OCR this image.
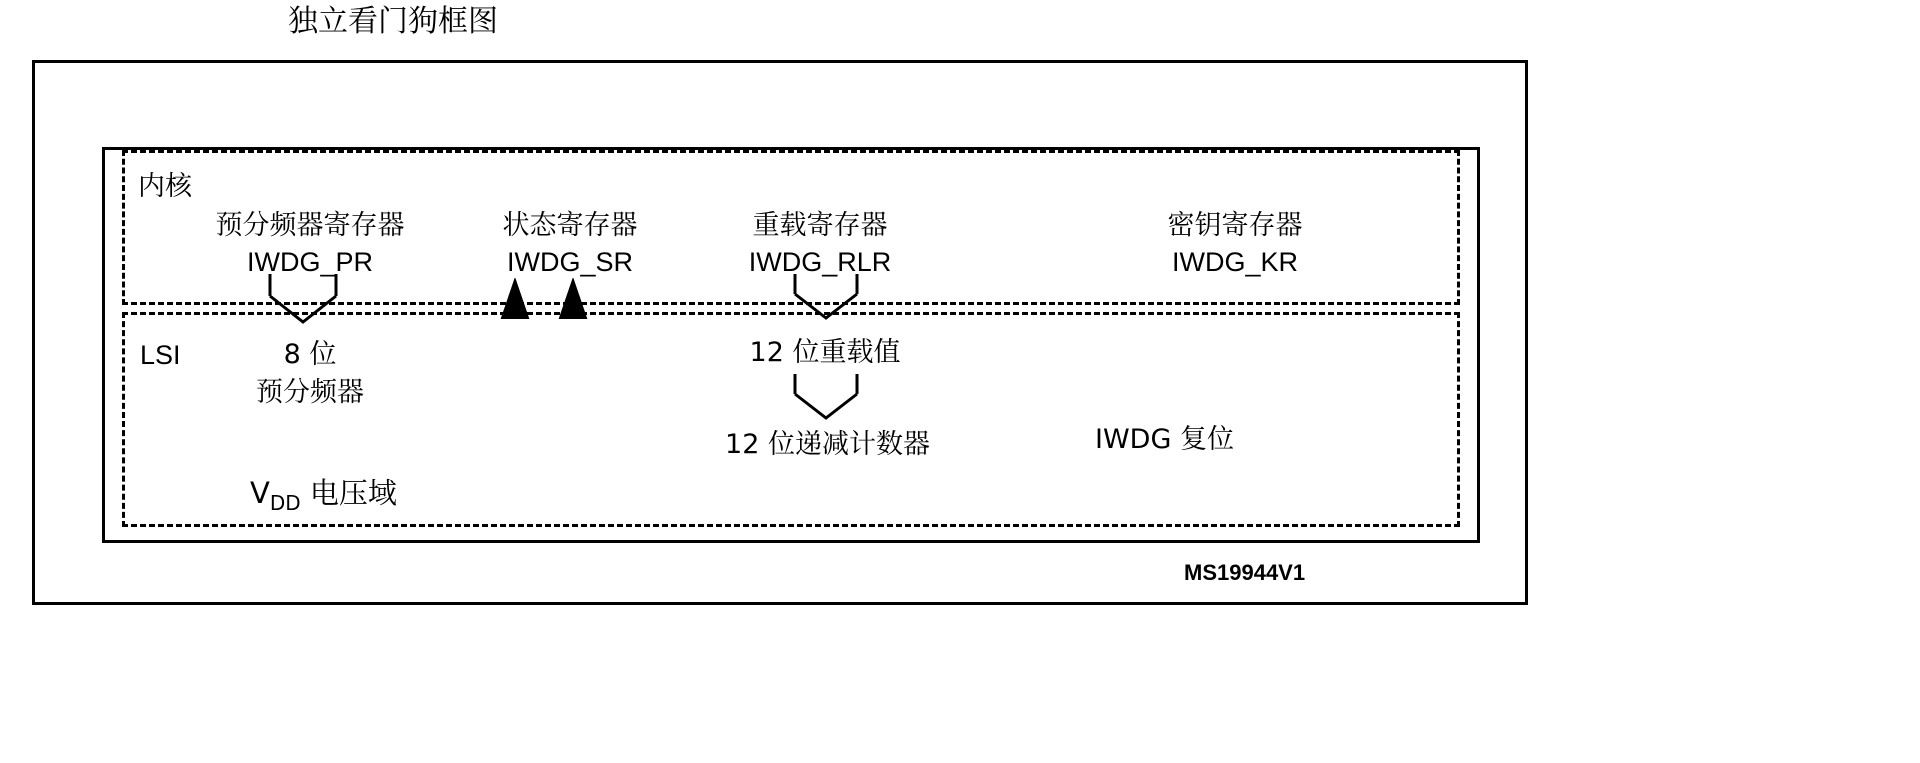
独立看门狗框图
内核
LSI
预分频器寄存器
IWDG_PR
状态寄存器
IWDG_SR
重载寄存器
IWDG_RLR
密钥寄存器
IWDG_KR
8 位
预分频器
12 位重载值
12 位递减计数器	IWDG 复位
$V_{DD}$ 电压域
MS19944V1
